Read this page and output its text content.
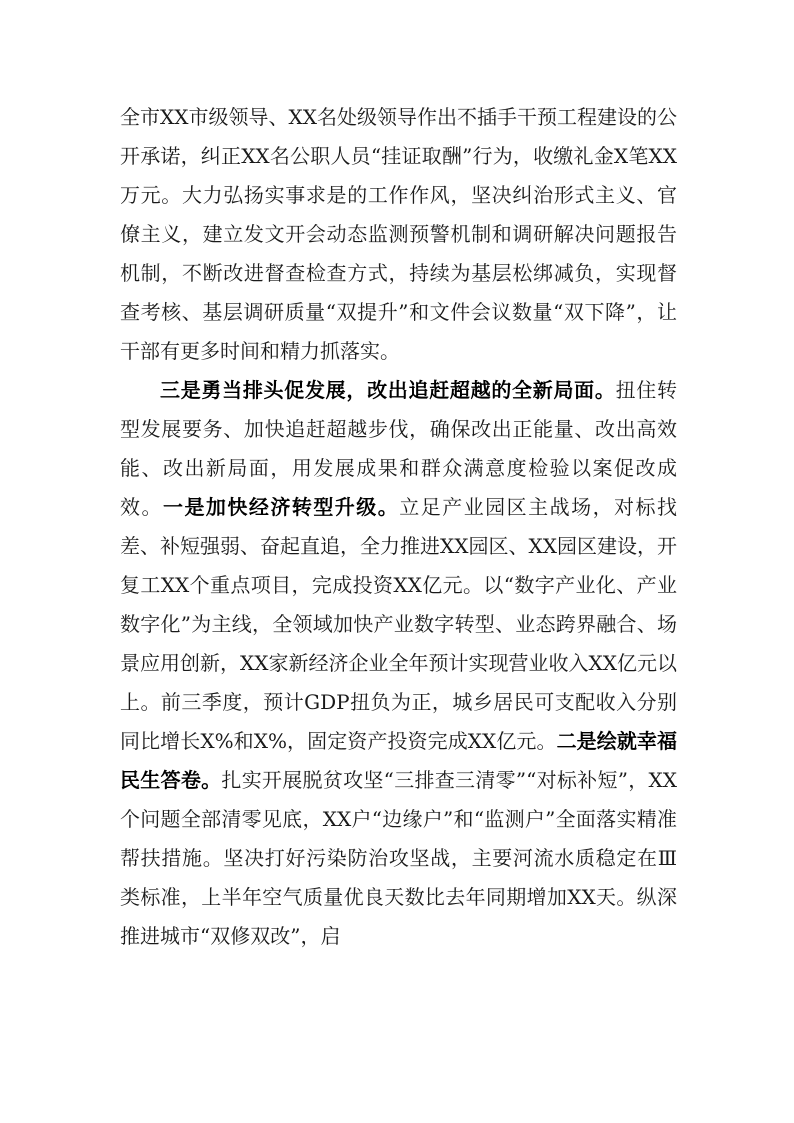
全市XX市级领导、XX名处级领导作出不插手干预工程建设的公开承诺，纠正XX名公职人员“挂证取酬”行为，收缴礼金X笔XX万元。大力弘扬实事求是的工作作风，坚决纠治形式主义、官僚主义，建立发文开会动态监测预警机制和调研解决问题报告机制，不断改进督查检查方式，持续为基层松绑减负，实现督查考核、基层调研质量“双提升”和文件会议数量“双下降”，让干部有更多时间和精力抓落实。

三是勇当排头促发展，改出追赶超越的全新局面。扭住转型发展要务、加快追赶超越步伐，确保改出正能量、改出高效能、改出新局面，用发展成果和群众满意度检验以案促改成效。一是加快经济转型升级。立足产业园区主战场，对标找差、补短强弱、奋起直追，全力推进XX园区、XX园区建设，开复工XX个重点项目，完成投资XX亿元。以“数字产业化、产业数字化”为主线，全领域加快产业数字转型、业态跨界融合、场景应用创新，XX家新经济企业全年预计实现营业收入XX亿元以上。前三季度，预计GDP扭负为正，城乡居民可支配收入分别同比增长X%和X%，固定资产投资完成XX亿元。二是绘就幸福民生答卷。扎实开展脱贫攻坚“三排查三清零”“对标补短”，XX个问题全部清零见底，XX户“边缘户”和“监测户”全面落实精准帮扶措施。坚决打好污染防治攻坚战，主要河流水质稳定在Ⅲ类标准，上半年空气质量优良天数比去年同期增加XX天。纵深推进城市“双修双改”，启
